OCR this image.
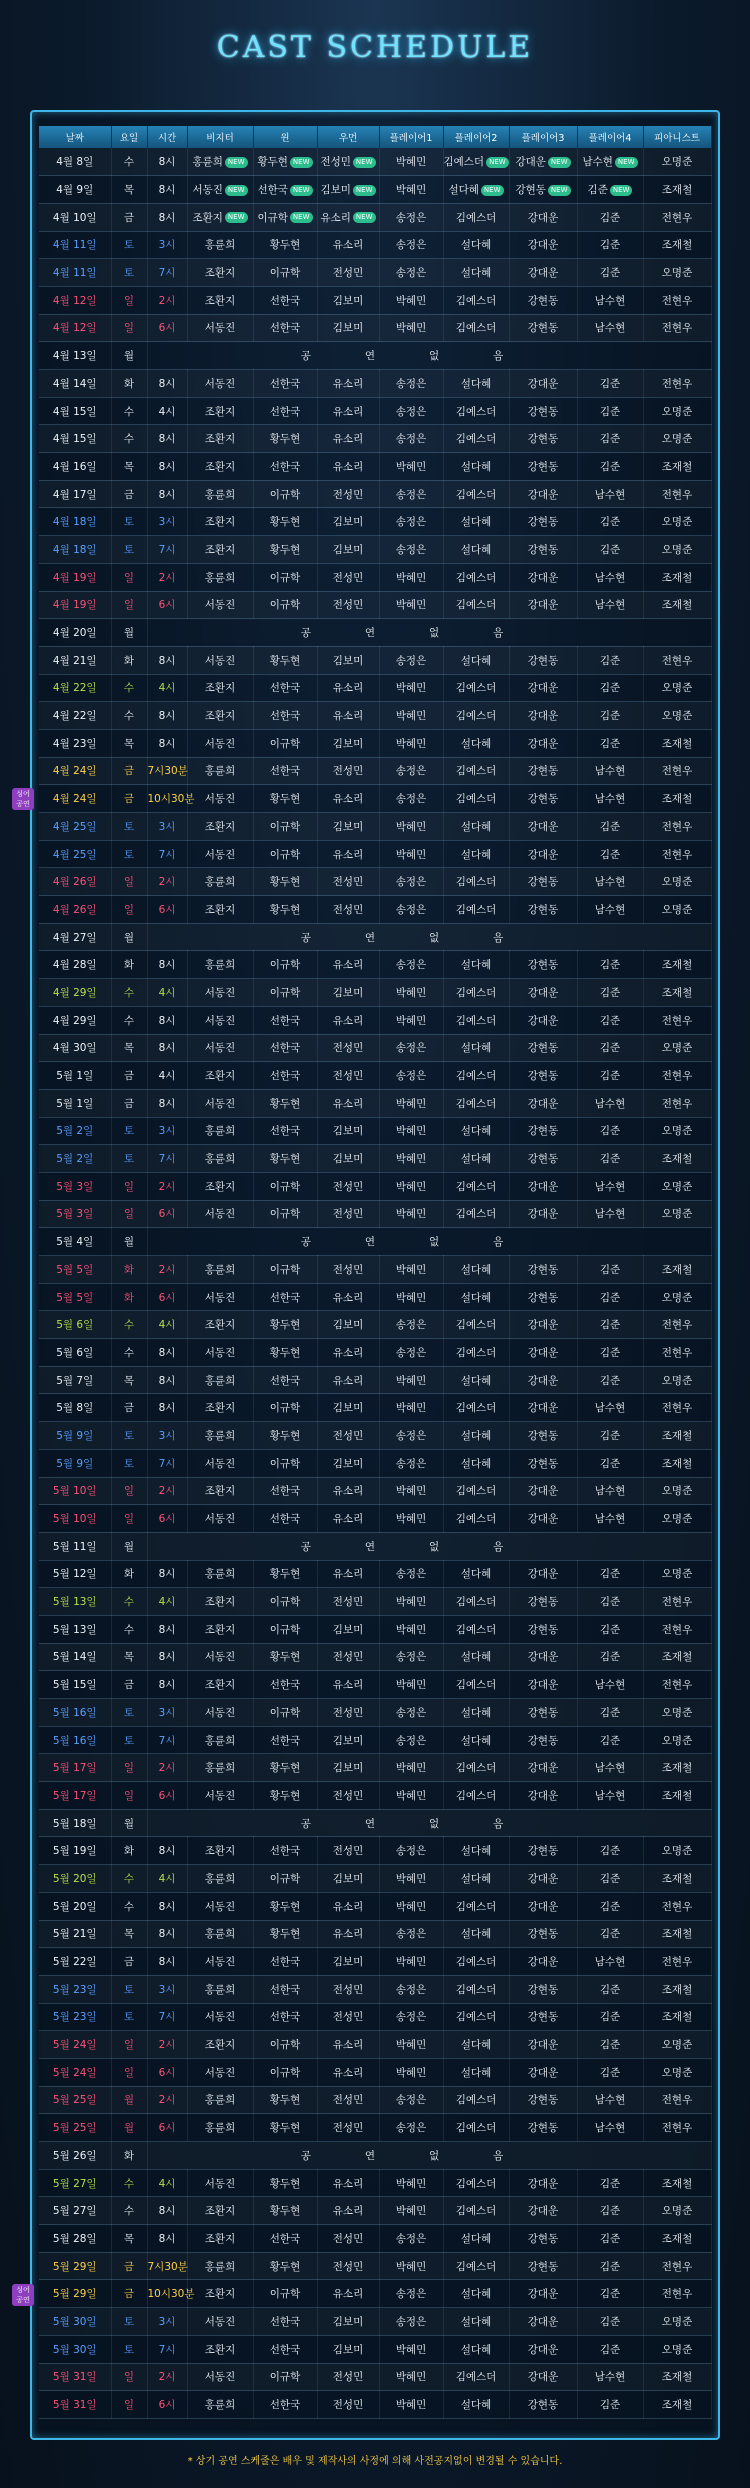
CAST SCHEDULE
날짜	요일	시간	비지터	윈	우먼	플레이어1	플레이어2	플레이어3	플레이어4	피아니스트
4월 8일	수	8시	홍륜희 NEW	황두현 NEW	전성민 NEW	박혜민	김예스더 NEW	강대운 NEW	남수현 NEW	오명준
4월 9일	목	8시	서동진 NEW	선한국 NEW	김보미 NEW	박혜민	설다혜 NEW	강현동 NEW	김준 NEW	조재철
4월 10일	금	8시	조환지 NEW	이규학 NEW	유소리 NEW	송정은	김예스더	강대운	김준	전현우
4월 11일	토	3시	홍륜희	황두현	유소리	송정은	설다혜	강대운	김준	조재철
4월 11일	토	7시	조환지	이규학	전성민	송정은	설다혜	강대운	김준	오명준
4월 12일	일	2시	조환지	선한국	김보미	박혜민	김예스더	강현동	남수현	전현우
4월 12일	일	6시	서동진	선한국	김보미	박혜민	김예스더	강현동	남수현	전현우
4월 13일	월	공연없음								
4월 14일	화	8시	서동진	선한국	유소리	송정은	설다혜	강대운	김준	전현우
4월 15일	수	4시	조환지	선한국	유소리	송정은	김예스더	강현동	김준	오명준
4월 15일	수	8시	조환지	황두현	유소리	송정은	김예스더	강현동	김준	오명준
4월 16일	목	8시	조환지	선한국	유소리	박혜민	설다혜	강현동	김준	조재철
4월 17일	금	8시	홍륜희	이규학	전성민	송정은	김예스더	강대운	남수현	전현우
4월 18일	토	3시	조환지	황두현	김보미	송정은	설다혜	강현동	김준	오명준
4월 18일	토	7시	조환지	황두현	김보미	송정은	설다혜	강현동	김준	오명준
4월 19일	일	2시	홍륜희	이규학	전성민	박혜민	김예스더	강대운	남수현	조재철
4월 19일	일	6시	서동진	이규학	전성민	박혜민	김예스더	강대운	남수현	조재철
4월 20일	월	공연없음								
4월 21일	화	8시	서동진	황두현	김보미	송정은	설다혜	강현동	김준	전현우
4월 22일	수	4시	조환지	선한국	유소리	박혜민	김예스더	강대운	김준	오명준
4월 22일	수	8시	조환지	선한국	유소리	박혜민	김예스더	강대운	김준	오명준
4월 23일	목	8시	서동진	이규학	김보미	박혜민	설다혜	강대운	김준	조재철
4월 24일	금	7시30분	홍륜희	선한국	전성민	송정은	김예스더	강현동	남수현	전현우
4월 24일	금	10시30분	서동진	황두현	유소리	송정은	김예스더	강현동	남수현	조재철
4월 25일	토	3시	조환지	이규학	김보미	박혜민	설다혜	강대운	김준	전현우
4월 25일	토	7시	서동진	이규학	유소리	박혜민	설다혜	강대운	김준	전현우
4월 26일	일	2시	홍륜희	황두현	전성민	송정은	김예스더	강현동	남수현	오명준
4월 26일	일	6시	조환지	황두현	전성민	송정은	김예스더	강현동	남수현	오명준
4월 27일	월	공연없음								
4월 28일	화	8시	홍륜희	이규학	유소리	송정은	설다혜	강현동	김준	조재철
4월 29일	수	4시	서동진	이규학	김보미	박혜민	김예스더	강대운	김준	조재철
4월 29일	수	8시	서동진	선한국	유소리	박혜민	김예스더	강대운	김준	전현우
4월 30일	목	8시	서동진	선한국	전성민	송정은	설다혜	강현동	김준	오명준
5월 1일	금	4시	조환지	선한국	전성민	송정은	김예스더	강현동	김준	전현우
5월 1일	금	8시	서동진	황두현	유소리	박혜민	김예스더	강대운	남수현	전현우
5월 2일	토	3시	홍륜희	선한국	김보미	박혜민	설다혜	강현동	김준	오명준
5월 2일	토	7시	홍륜희	황두현	김보미	박혜민	설다혜	강현동	김준	조재철
5월 3일	일	2시	조환지	이규학	전성민	박혜민	김예스더	강대운	남수현	오명준
5월 3일	일	6시	서동진	이규학	전성민	박혜민	김예스더	강대운	남수현	오명준
5월 4일	월	공연없음								
5월 5일	화	2시	홍륜희	이규학	전성민	박혜민	설다혜	강현동	김준	조재철
5월 5일	화	6시	서동진	선한국	유소리	박혜민	설다혜	강현동	김준	오명준
5월 6일	수	4시	조환지	황두현	김보미	송정은	김예스더	강대운	김준	전현우
5월 6일	수	8시	서동진	황두현	유소리	송정은	김예스더	강대운	김준	전현우
5월 7일	목	8시	홍륜희	선한국	유소리	박혜민	설다혜	강대운	김준	오명준
5월 8일	금	8시	조환지	이규학	김보미	박혜민	김예스더	강대운	남수현	전현우
5월 9일	토	3시	홍륜희	황두현	전성민	송정은	설다혜	강현동	김준	조재철
5월 9일	토	7시	서동진	이규학	김보미	송정은	설다혜	강현동	김준	조재철
5월 10일	일	2시	조환지	선한국	유소리	박혜민	김예스더	강대운	남수현	오명준
5월 10일	일	6시	서동진	선한국	유소리	박혜민	김예스더	강대운	남수현	오명준
5월 11일	월	공연없음								
5월 12일	화	8시	홍륜희	황두현	유소리	송정은	설다혜	강대운	김준	오명준
5월 13일	수	4시	조환지	이규학	전성민	박혜민	김예스더	강현동	김준	전현우
5월 13일	수	8시	조환지	이규학	김보미	박혜민	김예스더	강현동	김준	전현우
5월 14일	목	8시	서동진	황두현	전성민	송정은	설다혜	강대운	김준	조재철
5월 15일	금	8시	조환지	선한국	유소리	박혜민	김예스더	강대운	남수현	전현우
5월 16일	토	3시	서동진	이규학	전성민	송정은	설다혜	강현동	김준	오명준
5월 16일	토	7시	홍륜희	선한국	김보미	송정은	설다혜	강현동	김준	오명준
5월 17일	일	2시	홍륜희	황두현	김보미	박혜민	김예스더	강대운	남수현	조재철
5월 17일	일	6시	서동진	황두현	전성민	박혜민	김예스더	강대운	남수현	조재철
5월 18일	월	공연없음								
5월 19일	화	8시	조환지	선한국	전성민	송정은	설다혜	강현동	김준	오명준
5월 20일	수	4시	홍륜희	이규학	김보미	박혜민	설다혜	강대운	김준	조재철
5월 20일	수	8시	서동진	황두현	유소리	박혜민	김예스더	강대운	김준	전현우
5월 21일	목	8시	홍륜희	황두현	유소리	송정은	설다혜	강현동	김준	조재철
5월 22일	금	8시	서동진	선한국	김보미	박혜민	김예스더	강대운	남수현	전현우
5월 23일	토	3시	홍륜희	선한국	전성민	송정은	김예스더	강현동	김준	조재철
5월 23일	토	7시	서동진	선한국	전성민	송정은	김예스더	강현동	김준	조재철
5월 24일	일	2시	조환지	이규학	유소리	박혜민	설다혜	강대운	김준	오명준
5월 24일	일	6시	서동진	이규학	유소리	박혜민	설다혜	강대운	김준	오명준
5월 25일	월	2시	홍륜희	황두현	전성민	송정은	김예스더	강현동	남수현	전현우
5월 25일	월	6시	홍륜희	황두현	전성민	송정은	김예스더	강현동	남수현	전현우
5월 26일	화	공연없음								
5월 27일	수	4시	서동진	황두현	유소리	박혜민	김예스더	강대운	김준	조재철
5월 27일	수	8시	조환지	황두현	유소리	박혜민	김예스더	강대운	김준	오명준
5월 28일	목	8시	조환지	선한국	전성민	송정은	설다혜	강현동	김준	조재철
5월 29일	금	7시30분	홍륜희	황두현	전성민	박혜민	김예스더	강현동	김준	전현우
5월 29일	금	10시30분	조환지	이규학	유소리	송정은	설다혜	강대운	김준	전현우
5월 30일	토	3시	서동진	선한국	김보미	송정은	설다혜	강대운	김준	오명준
5월 30일	토	7시	조환지	선한국	김보미	박혜민	설다혜	강대운	김준	오명준
5월 31일	일	2시	서동진	이규학	전성민	박혜민	김예스더	강대운	남수현	조재철
5월 31일	일	6시	홍륜희	선한국	전성민	박혜민	설다혜	강현동	김준	조재철
싱어 공연
싱어 공연
* 상기 공연 스케줄은 배우 및 제작사의 사정에 의해 사전공지없이 변경될 수 있습니다.
